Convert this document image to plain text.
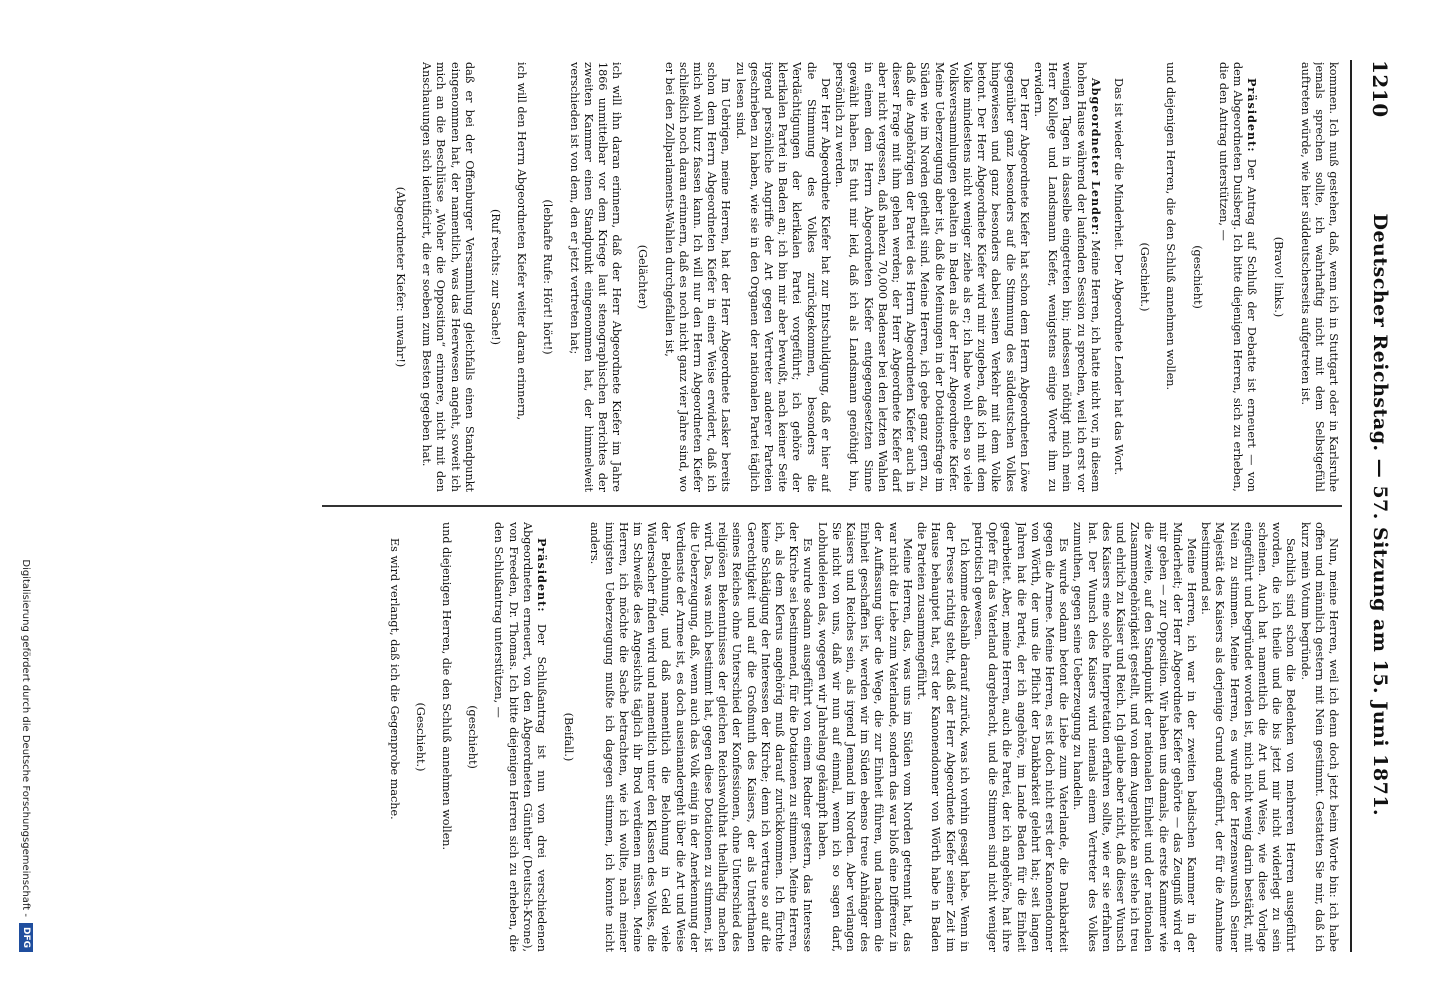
1210
Deutscher Reichstag. — 57. Sitzung am 15. Juni 1871.

kommen. Ich muß gestehen, daß, wenn ich in Stuttgart oder in Karlsruhe jemals sprechen sollte, ich wahrhaftig nicht mit dem Selbstgefühl auftreten würde, wie hier süddeutscherseits aufgetreten ist.

(Bravo! links.)

Präsident: Der Antrag auf Schluß der Debatte ist erneuert — von dem Abgeordneten Duisberg. Ich bitte diejenigen Herren, sich zu erheben, die den Antrag unterstützen, —

(geschieht)

und diejenigen Herren, die den Schluß annehmen wollen.

(Geschieht.)

Das ist wieder die Minderheit. Der Abgeordnete Lender hat das Wort.

Abgeordneter Lender: Meine Herren, ich hatte nicht vor, in diesem hohen Hause während der laufenden Session zu sprechen, weil ich erst vor wenigen Tagen in dasselbe eingetreten bin; indessen nöthigt mich mein Herr Kollege und Landsmann Kiefer, wenigstens einige Worte ihm zu erwidern.

Der Herr Abgeordnete Kiefer hat schon dem Herrn Abgeordneten Löwe gegenüber ganz besonders auf die Stimmung des süddeutschen Volkes hingewiesen und ganz besonders dabei seinen Verkehr mit dem Volke betont. Der Herr Abgeordnete Kiefer wird mir zugeben, daß ich mit dem Volke mindestens nicht weniger ziehe als er; ich habe wohl eben so viele Volksversammlungen gehalten in Baden als der Herr Abgeordnete Kiefer. Meine Ueberzeugung aber ist, daß die Meinungen in der Dotationsfrage im Süden wie im Norden getheilt sind. Meine Herren, ich gebe ganz gern zu, daß die Angehörigen der Partei des Herrn Abgeordneten Kiefer auch in dieser Frage mit ihm gehen werden; der Herr Abgeordnete Kiefer darf aber nicht vergessen, daß nahezu 70,000 Badenser bei den letzten Wahlen in einem dem Herrn Abgeordneten Kiefer entgegengesetzten Sinne gewählt haben. Es thut mir leid, daß ich als Landsmann genöthigt bin, persönlich zu werden.

Der Herr Abgeordnete Kiefer hat zur Entschuldigung, daß er hier auf die Stimmung des Volkes zurückgekommen, besonders die Verdächtigungen der klerikalen Partei vorgeführt; ich gehöre der klerikalen Partei in Baden an; ich bin mir aber bewußt, nach keiner Seite irgend persönliche Angriffe der Art gegen Vertreter anderer Parteien geschrieben zu haben, wie sie in den Organen der nationalen Partei täglich zu lesen sind.

Im Uebrigen, meine Herren, hat der Herr Abgeordnete Lasker bereits schon dem Herrn Abgeordneten Kiefer in einer Weise erwidert, daß ich mich wohl kurz fassen kann. Ich will nur den Herrn Abgeordneten Kiefer schließlich noch daran erinnern, daß es noch nicht ganz vier Jahre sind, wo er bei den Zollparlaments-Wahlen durchgefallen ist,

(Gelächter)

ich will ihn daran erinnern, daß der Herr Abgeordnete Kiefer im Jahre 1866 unmittelbar vor dem Kriege laut stenographischen Berichtes der zweiten Kammer einen Standpunkt eingenommen hat, der himmelweit verschieden ist von dem, den er jetzt vertreten hat;

(lebhafte Rufe: Hört! hört!)

ich will den Herrn Abgeordneten Kiefer weiter daran erinnern,

(Ruf rechts: zur Sache!)

daß er bei der Offenburger Versammlung gleichfalls einen Standpunkt eingenommen hat, der namentlich, was das Heerwesen angeht, soweit ich mich an die Beschlüsse „Woher die Opposition“ erinnere, nicht mit den Anschauungen sich identificirt, die er soeben zum Besten gegeben hat.

(Abgeordneter Kiefer: unwahr!)

Nun, meine Herren, weil ich denn doch jetzt beim Worte bin: ich habe offen und männlich gestern mit Nein gestimmt. Gestatten Sie mir, daß ich kurz mein Votum begründe.

Sachlich sind schon die Bedenken von mehreren Herren ausgeführt worden, die ich theile und die bis jetzt mir nicht widerlegt zu sein scheinen. Auch hat namentlich die Art und Weise, wie diese Vorlage eingeführt und begründet worden ist, mich nicht wenig darin bestärkt, mit Nein zu stimmen. Meine Herren, es wurde der Herzenswunsch Seiner Majestät des Kaisers als derjenige Grund angeführt, der für die Annahme bestimmend sei.

Meine Herren, ich war in der zweiten badischen Kammer in der Minderheit; der Herr Abgeordnete Kiefer gehörte — das Zeugniß wird er mir geben — zur Opposition. Wir haben uns damals, die erste Kammer wie die zweite, auf den Standpunkt der nationalen Einheit und der nationalen Zusammengehörigkeit gestellt, und von dem Augenblicke an stehe ich treu und ehrlich zu Kaiser und Reich. Ich glaube aber nicht, daß dieser Wunsch des Kaisers eine solche Interpretation erfahren sollte, wie er sie erfahren hat. Der Wunsch des Kaisers wird niemals einem Vertreter des Volkes zumuthen, gegen seine Ueberzeugung zu handeln.

Es wurde sodann betont die Liebe zum Vaterlande, die Dankbarkeit gegen die Armee. Meine Herren, es ist doch nicht erst der Kanonendonner von Wörth, der uns die Pflicht der Dankbarkeit gelehrt hat; seit langen Jahren hat die Partei, der ich angehöre, im Lande Baden für die Einheit gearbeitet. Aber, meine Herren, auch die Partei, der ich angehöre, hat ihre Opfer für das Vaterland dargebracht, und die Stimmen sind nicht weniger patriotisch gewesen.

Ich komme deshalb darauf zurück, was ich vorhin gesagt habe. Wenn in der Presse richtig steht, daß der Herr Abgeordnete Kiefer seiner Zeit im Hause behauptet hat, erst der Kanonendonner von Wörth habe in Baden die Parteien zusammengeführt.

Meine Herren, das, was uns im Süden vom Norden getrennt hat, das war nicht die Liebe zum Vaterlande, sondern das war bloß eine Differenz in der Auffassung über die Wege, die zur Einheit führen, und nachdem die Einheit geschaffen ist, werden wir im Süden ebenso treue Anhänger des Kaisers und Reiches sein, als irgend Jemand im Norden. Aber verlangen Sie nicht von uns, daß wir nun auf einmal, wenn ich so sagen darf, Lobhudeleien das, wogegen wir Jahrelang gekämpft haben.

Es wurde sodann ausgeführt von einem Redner gestern, das Interesse der Kirche sei bestimmend, für die Dotationen zu stimmen. Meine Herren, ich, als dem Klerus angehörig muß darauf zurückkommen. Ich fürchte keine Schädigung der Interessen der Kirche; denn ich vertraue so auf die Gerechtigkeit und auf die Großmuth des Kaisers, der als Unterthanen seines Reiches ohne Unterschied der Konfessionen, ohne Unterschied des religiösen Bekenntnisses der gleichen Reichswohlthat theilhaftig machen wird. Das, was mich bestimmt hat, gegen diese Dotationen zu stimmen, ist die Ueberzeugung, daß, wenn auch das Volk einig in der Anerkennung der Verdienste der Armee ist, es doch auseinandergeht über die Art und Weise der Belohnung, und daß namentlich die Belohnung in Geld viele Widersacher finden wird und namentlich unter den Klassen des Volkes, die im Schweiße des Angesichts täglich ihr Brod verdienen müssen. Meine Herren, ich möchte die Sache betrachten, wie ich wollte, nach meiner innigsten Ueberzeugung mußte ich dagegen stimmen, ich konnte nicht anders.

(Beifall.)

Präsident: Der Schlußantrag ist nun von drei verschiedenen Abgeordneten erneuert, von den Abgeordneten Günther (Deutsch-Krone), von Freeden, Dr. Thomas. Ich bitte diejenigen Herren sich zu erheben, die den Schlußantrag unterstützen, —

(geschieht)

und diejenigen Herren, die den Schluß annehmen wollen.

(Geschieht.)

Es wird verlangt, daß ich die Gegenprobe mache.

Digitalisierung gefördert durch die Deutsche Forschungsgemeinschaft -
DFG
